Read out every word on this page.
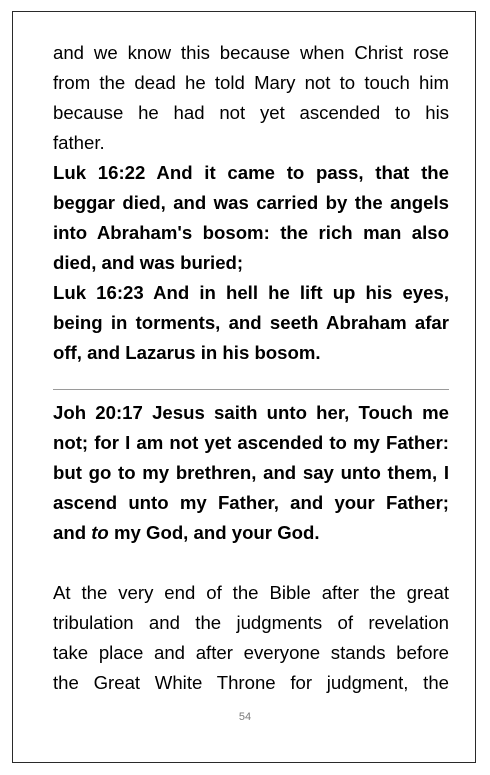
and we know this because when Christ rose
from the dead he told Mary not to touch him
because he had not yet ascended to his
father.
Luk 16:22 And it came to pass, that the
beggar died, and was carried by the angels
into Abraham's bosom: the rich man also
died, and was buried;
Luk 16:23 And in hell he lift up his eyes,
being in torments, and seeth Abraham afar
off, and Lazarus in his bosom.
Joh 20:17 Jesus saith unto her, Touch me
not; for I am not yet ascended to my Father:
but go to my brethren, and say unto them, I
ascend unto my Father, and your Father;
and to my God, and your God.
At the very end of the Bible after the great
tribulation and the judgments of revelation
take place and after everyone stands before
the Great White Throne for judgment, the
54
